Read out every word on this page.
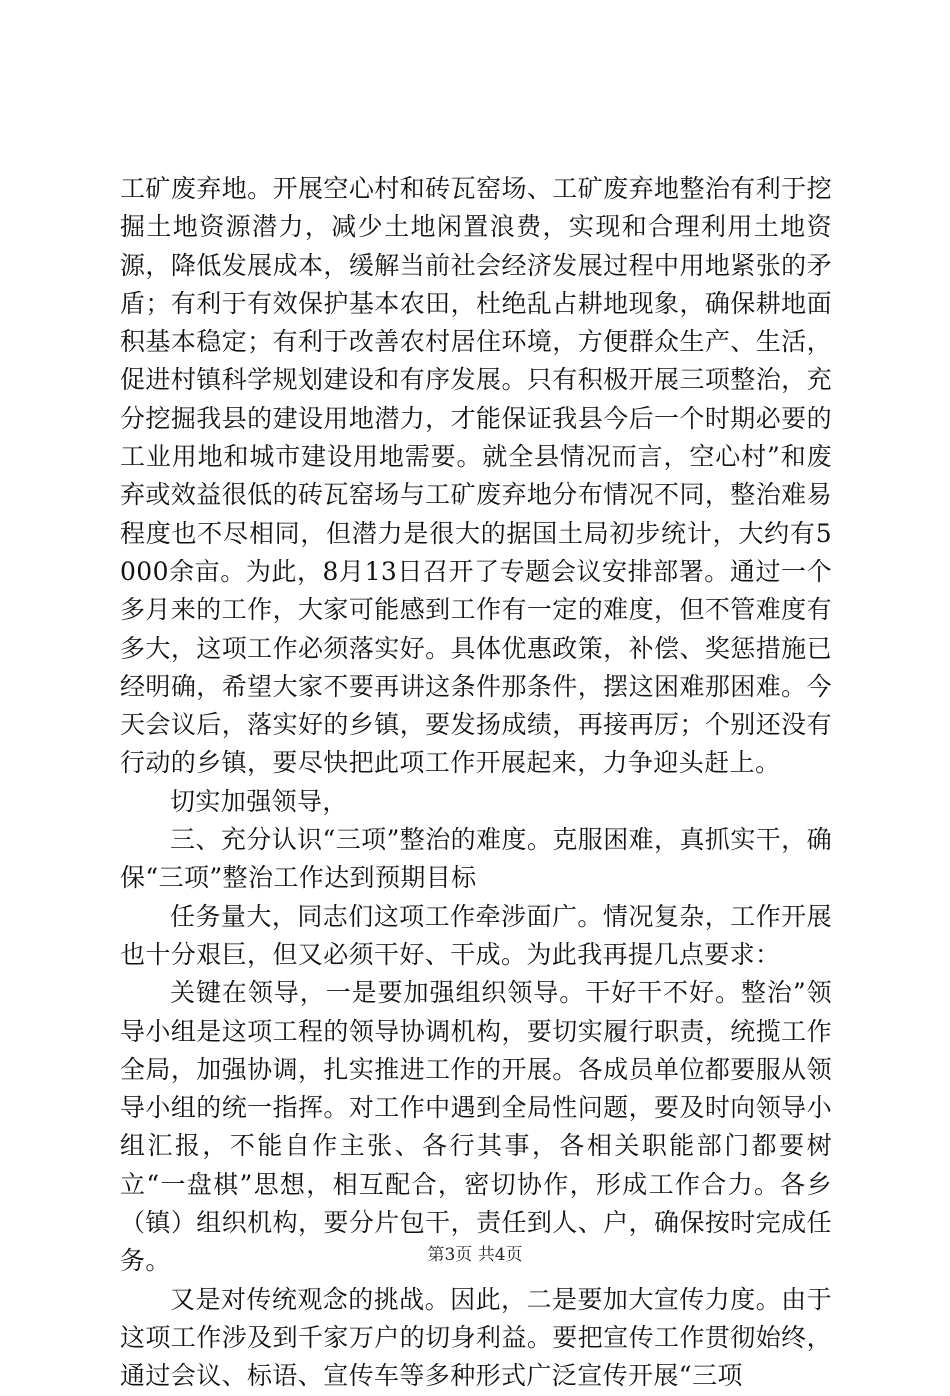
工矿废弃地。开展空心村和砖瓦窑场、工矿废弃地整治有利于挖掘土地资源潜力，减少土地闲置浪费，实现和合理利用土地资源，降低发展成本，缓解当前社会经济发展过程中用地紧张的矛盾；有利于有效保护基本农田，杜绝乱占耕地现象，确保耕地面积基本稳定；有利于改善农村居住环境，方便群众生产、生活，促进村镇科学规划建设和有序发展。只有积极开展三项整治，充分挖掘我县的建设用地潜力，才能保证我县今后一个时期必要的工业用地和城市建设用地需要。就全县情况而言，空心村”和废弃或效益很低的砖瓦窑场与工矿废弃地分布情况不同，整治难易程度也不尽相同，但潜力是很大的据国土局初步统计，大约有5000余亩。为此，8月13日召开了专题会议安排部署。通过一个多月来的工作，大家可能感到工作有一定的难度，但不管难度有多大，这项工作必须落实好。具体优惠政策，补偿、奖惩措施已经明确，希望大家不要再讲这条件那条件，摆这困难那困难。今天会议后，落实好的乡镇，要发扬成绩，再接再厉；个别还没有行动的乡镇，要尽快把此项工作开展起来，力争迎头赶上。

切实加强领导，

三、充分认识“三项”整治的难度。克服困难，真抓实干，确保“三项”整治工作达到预期目标

任务量大，同志们这项工作牵涉面广。情况复杂，工作开展也十分艰巨，但又必须干好、干成。为此我再提几点要求：

关键在领导，一是要加强组织领导。干好干不好。整治”领导小组是这项工程的领导协调机构，要切实履行职责，统揽工作全局，加强协调，扎实推进工作的开展。各成员单位都要服从领导小组的统一指挥。对工作中遇到全局性问题，要及时向领导小组汇报，不能自作主张、各行其事，各相关职能部门都要树立“一盘棋”思想，相互配合，密切协作，形成工作合力。各乡（镇）组织机构，要分片包干，责任到人、户，确保按时完成任务。

又是对传统观念的挑战。因此，二是要加大宣传力度。由于这项工作涉及到千家万户的切身利益。要把宣传工作贯彻始终，通过会议、标语、宣传车等多种形式广泛宣传开展“三项

第3页 共4页
